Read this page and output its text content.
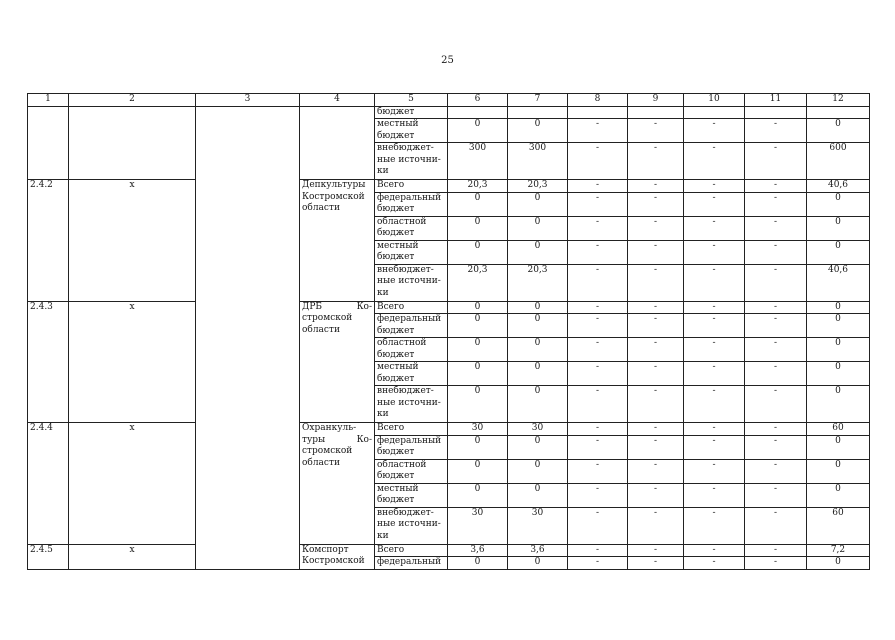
25
1	2	3	4	5	6	7	8	9	10	11	12
				бюджет							
				местный бюджет	0	0	-	-	-	-	0
				внебюджет- ные источни- ки	300	300	-	-	-	-	600
2.4.2	х		Депкультуры Костромской области	Всего	20,3	20,3	-	-	-	-	40,6
				федеральный бюджет	0	0	-	-	-	-	0
				областной бюджет	0	0	-	-	-	-	0
				местный бюджет	0	0	-	-	-	-	0
				внебюджет- ные источни- ки	20,3	20,3	-	-	-	-	40,6
2.4.3	х		ДРБ Ко- стромской области	Всего	0	0	-	-	-	-	0
				федеральный бюджет	0	0	-	-	-	-	0
				областной бюджет	0	0	-	-	-	-	0
				местный бюджет	0	0	-	-	-	-	0
				внебюджет- ные источни- ки	0	0	-	-	-	-	0
2.4.4	х		Охранкуль- туры Ко- стромской области	Всего	30	30	-	-	-	-	60
				федеральный бюджет	0	0	-	-	-	-	0
				областной бюджет	0	0	-	-	-	-	0
				местный бюджет	0	0	-	-	-	-	0
				внебюджет- ные источни- ки	30	30	-	-	-	-	60
2.4.5	х		Комспорт Костромской	Всего	3,6	3,6	-	-	-	-	7,2
				федеральный	0	0	-	-	-	-	0
